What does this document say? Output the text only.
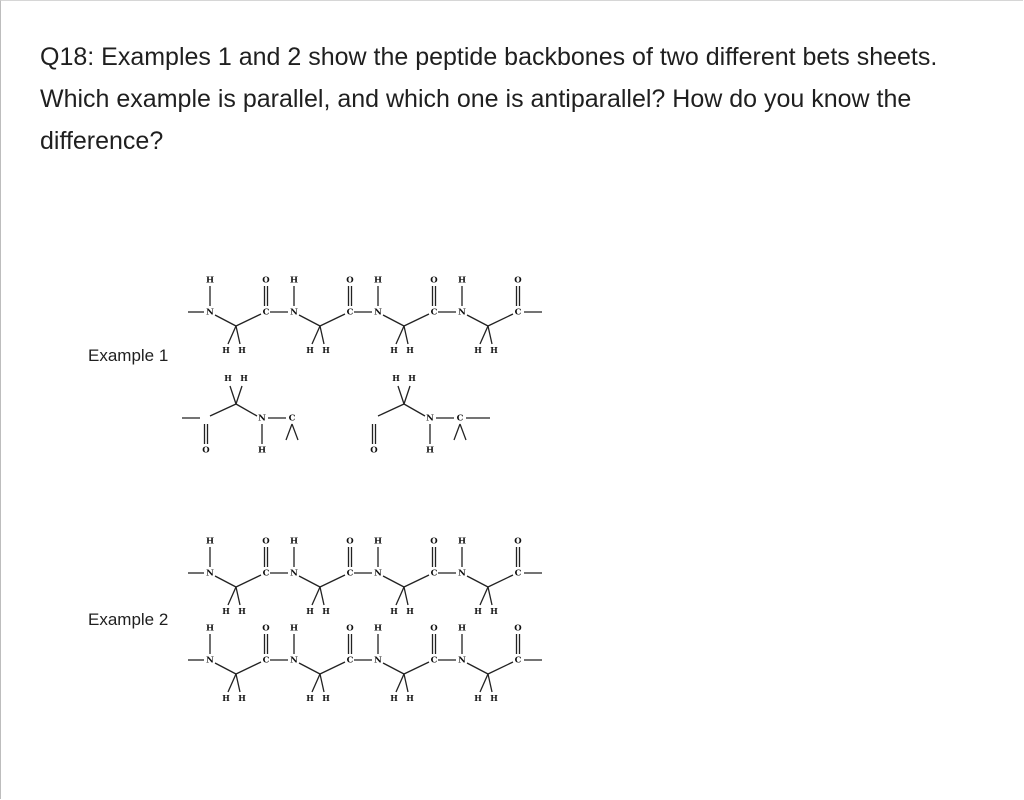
Q18: Examples 1 and 2 show the peptide backbones of two different bets sheets. Which example is parallel, and which one is antiparallel? How do you know the difference?
Example 1
Example 2
N
H
H H
C
O
N
H
H H
C
O
N
H
H H
C
O
N
H
H H
C
O
O
H H
N
H
C
O
H H
N
H
C
N
H
H H
C
O
N
H
H H
C
O
N
H
H H
C
O
N
H
H H
C
O
N
H
H H
C
O
N
H
H H
C
O
N
H
H H
C
O
N
H
H H
C
O
